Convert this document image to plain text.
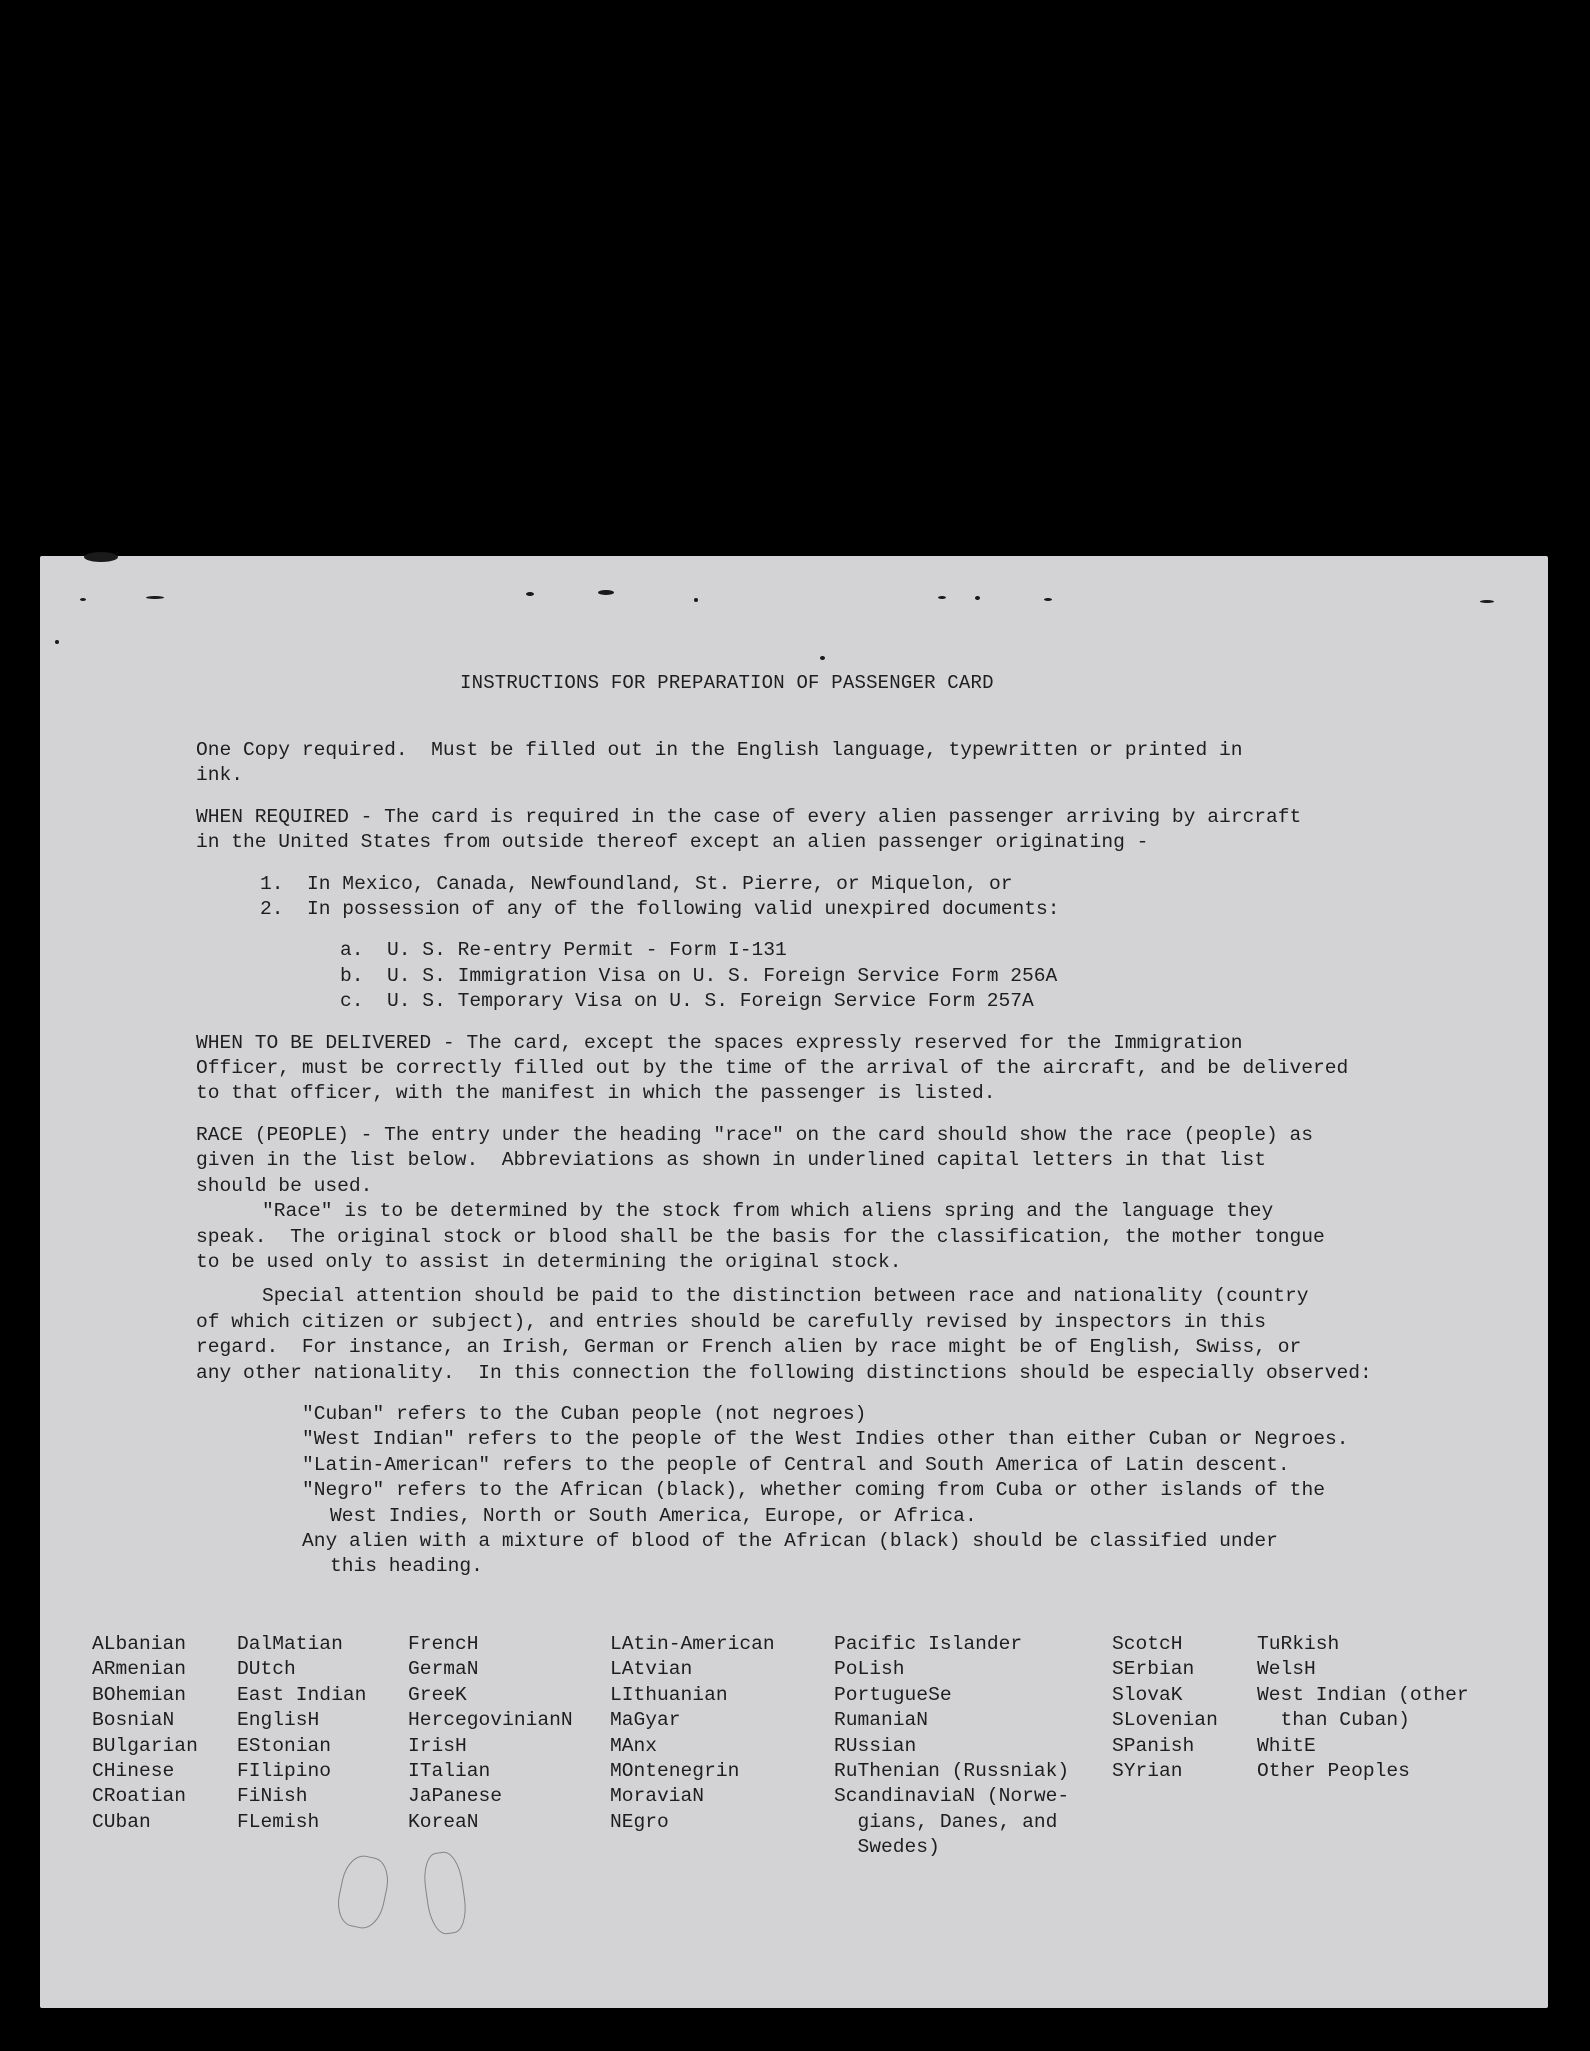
INSTRUCTIONS FOR PREPARATION OF PASSENGER CARD

One Copy required.  Must be filled out in the English language, typewritten or printed in

ink.

WHEN REQUIRED - The card is required in the case of every alien passenger arriving by aircraft

in the United States from outside thereof except an alien passenger originating -

1.  In Mexico, Canada, Newfoundland, St. Pierre, or Miquelon, or

2.  In possession of any of the following valid unexpired documents:

a.  U. S. Re-entry Permit - Form I-131

b.  U. S. Immigration Visa on U. S. Foreign Service Form 256A

c.  U. S. Temporary Visa on U. S. Foreign Service Form 257A

WHEN TO BE DELIVERED - The card, except the spaces expressly reserved for the Immigration

Officer, must be correctly filled out by the time of the arrival of the aircraft, and be delivered

to that officer, with the manifest in which the passenger is listed.

RACE (PEOPLE) - The entry under the heading "race" on the card should show the race (people) as

given in the list below.  Abbreviations as shown in underlined capital letters in that list

should be used.

"Race" is to be determined by the stock from which aliens spring and the language they

speak.  The original stock or blood shall be the basis for the classification, the mother tongue

to be used only to assist in determining the original stock.

Special attention should be paid to the distinction between race and nationality (country

of which citizen or subject), and entries should be carefully revised by inspectors in this

regard.  For instance, an Irish, German or French alien by race might be of English, Swiss, or

any other nationality.  In this connection the following distinctions should be especially observed:

"Cuban" refers to the Cuban people (not negroes)

"West Indian" refers to the people of the West Indies other than either Cuban or Negroes.

"Latin-American" refers to the people of Central and South America of Latin descent.

"Negro" refers to the African (black), whether coming from Cuba or other islands of the

West Indies, North or South America, Europe, or Africa.

Any alien with a mixture of blood of the African (black) should be classified under

this heading.

ALbanian
ARmenian
BOhemian
BosniaN
BUlgarian
CHinese
CRoatian
CUban
DalMatian
DUtch
East Indian
EnglisH
EStonian
FIlipino
FiNish
FLemish
FrencH
GermaN
GreeK
HercegovinianN
IrisH
ITalian
JaPanese
KoreaN
LAtin-American
LAtvian
LIthuanian
MaGyar
MAnx
MOntenegrin
MoraviaN
NEgro
Pacific Islander
PoLish
PortugueSe
RumaniaN
RUssian
RuThenian (Russniak)
ScandinaviaN (Norwe-
gians, Danes, and
Swedes)
ScotcH
SErbian
SlovaK
SLovenian
SPanish
SYrian
TuRkish
WelsH
West Indian (other
than Cuban)
WhitE
Other Peoples
